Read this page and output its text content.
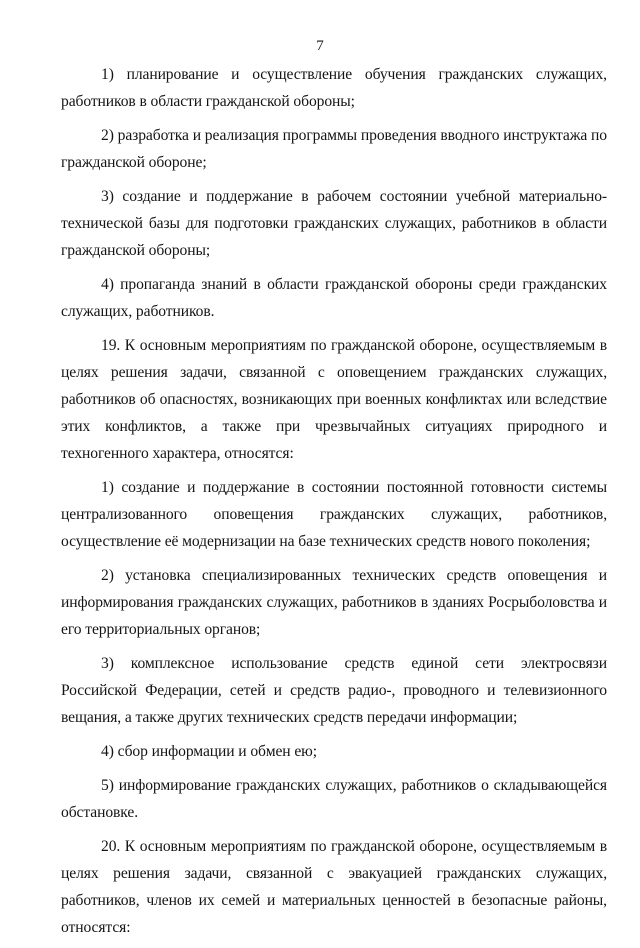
7

1) планирование и осуществление обучения гражданских служащих, работников в области гражданской обороны;

2) разработка и реализация программы проведения вводного инструктажа по гражданской обороне;

3) создание и поддержание в рабочем состоянии учебной материально-технической базы для подготовки гражданских служащих, работников в области гражданской обороны;

4) пропаганда знаний в области гражданской обороны среди гражданских служащих, работников.

19. К основным мероприятиям по гражданской обороне, осуществляемым в целях решения задачи, связанной с оповещением гражданских служащих, работников об опасностях, возникающих при военных конфликтах или вследствие этих конфликтов, а также при чрезвычайных ситуациях природного и техногенного характера, относятся:

1) создание и поддержание в состоянии постоянной готовности системы централизованного оповещения гражданских служащих, работников, осуществление её модернизации на базе технических средств нового поколения;

2) установка специализированных технических средств оповещения и информирования гражданских служащих, работников в зданиях Росрыболовства и его территориальных органов;

3) комплексное использование средств единой сети электросвязи Российской Федерации, сетей и средств радио-, проводного и телевизионного вещания, а также других технических средств передачи информации;

4) сбор информации и обмен ею;

5) информирование гражданских служащих, работников о складывающейся обстановке.

20. К основным мероприятиям по гражданской обороне, осуществляемым в целях решения задачи, связанной с эвакуацией гражданских служащих, работников, членов их семей и материальных ценностей в безопасные районы, относятся:
